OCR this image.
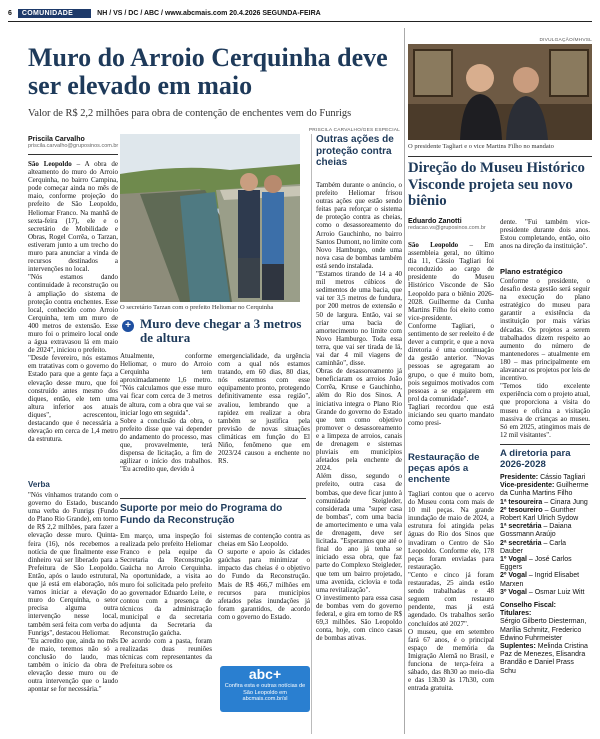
6	COMUNIDADE	NH / VS / DC / ABC / www.abcmais.com 20.4.2026 SEGUNDA-FEIRA
Muro do Arroio Cerquinha deve ser elevado em maio
Valor de R$ 2,2 milhões para obra de contenção de enchentes vem do Funrigs
Priscila Carvalho
priscila.carvalho@gruposinos.com.br
São Leopoldo – A obra de alteamento do muro do Arroio Cerquinha, no bairro Campina, pode começar ainda no mês de maio, conforme projeção do prefeito de São Leopoldo, Heliomar Franco. Na manhã de sexta-feira (17), ele e o secretário de Mobilidade e Obras, Rogel Corrêa, o Tarzan, estiveram junto a um trecho do muro para anunciar a vinda de recursos destinados a intervenções no local.
"Nós estamos dando continuidade à reconstrução ou à ampliação do sistema de proteção contra enchentes. Esse local, conhecido como Arroio Cerquinha, tem um muro de 400 metros de extensão. Esse muro foi o primeiro local onde a água extravasou lá em maio de 2024", iniciou o prefeito.
"Desde fevereiro, nós estamos em tratativas com o governo do Estado para que a gente faça a elevação desse muro, que foi construído antes mesmo dos diques, então, ele tem uma altura inferior aos atuais diques", acrescentou, destacando que é necessária a elevação em cerca de 1,4 metro da estrutura.
Verba
"Nós vínhamos tratando com o governo do Estado, buscando uma verba do Funrigs (Fundo do Plano Rio Grande), em torno de R$ 2,2 milhões, para fazer a elevação desse muro. Quinta-feira (16), nós recebemos a notícia de que finalmente esse dinheiro vai ser liberado para a Prefeitura de São Leopoldo. Então, após o laudo estrutural, que já está em elaboração, nós vamos iniciar a elevação do muro do Cerquinha, o setor precisa alguma outra intervenção nesse local, também será feita com verba do Funrigs", destacou Heliomar.
"Eu acredito que, ainda no mês de maio, teremos não só a conclusão do laudo, mas também o início da obra de elevação desse muro ou de outra intervenção que o laudo apontar se for necessária."
PRISCILA CARVALHO/GES ESPECIAL
O secretário Tarzan com o prefeito Heliomar no Cerquinha
+ Muro deve chegar a 3 metros de altura
Atualmente, conforme Heliomar, o muro do Arroio Cerquinha tem aproximadamente 1,6 metro. "Nós calculamos que esse muro vai ficar com cerca de 3 metros de altura, com a obra que vai se iniciar logo em seguida".
Sobre a conclusão da obra, o prefeito disse que vai depender do andamento do processo, mas que, provavelmente, terá dispensa de licitação, a fim de agilizar o início dos trabalhos. "Eu acredito que, devido à
emergencialidade, da urgência com a qual nós estamos tratando, em 60 dias, 80 dias, nós estaremos com esse equipamento pronto, protegendo definitivamente essa região", avaliou, lembrando que a rapidez em realizar a obra também se justifica pela previsão de novas situações climáticas em função do El Niño, fenômeno que em 2023/24 causou a enchente no RS.
Suporte por meio do Programa do Fundo da Reconstrução
Em março, uma inspeção foi realizada pelo prefeito Heliomar Franco e pela equipe da Secretaria da Reconstrução Gaúcha no Arroio Cerquinha. Na oportunidade, a visita ao muro foi solicitada pelo prefeito ao governador Eduardo Leite, e contou com a presença de técnicos da administração municipal e da secretaria adjunta da Secretaria da Reconstrução gaúcha.
De acordo com a pasta, foram realizadas duas reuniões técnicas com representantes da Prefeitura sobre os
sistemas de contenção contra as cheias em São Leopoldo.
O suporte e apoio às cidades gaúchas para minimizar o impacto das cheias é o objetivo do Fundo da Reconstrução. Mais de R$ 466,7 milhões em recursos para municípios afetados pelas inundações já foram garantidos, de acordo com o governo do Estado.
abc+
Confira esta e outras notícias de São Leopoldo em abcmais.com.br/sl
Outras ações de proteção contra cheias
Também durante o anúncio, o prefeito Heliomar frisou outras ações que estão sendo feitas para reforçar o sistema de proteção contra as cheias, como o desassoreamento do Arroio Gauchinho, no bairro Santos Dumont, no limite com Novo Hamburgo, onde uma nova casa de bombas também está sendo instalada.
"Estamos tirando de 14 a 40 mil metros cúbicos de sedimentos de uma bacia, que vai ter 3,5 metros de fundura, por 200 metros de extensão e 50 de largura. Então, vai se criar uma bacia de amortecimento no limite com Novo Hamburgo. Toda essa terra, que vai ser tirada de lá, vai dar 4 mil viagens de caminhão", disse.
Obras de desassoreamento já beneficiaram os arroios João Corrêa, Kruse e Gauchinho, além do Rio dos Sinos. A iniciativa integra o Plano Rio Grande do governo do Estado que tem como objetivo promover o desassoreamento e a limpeza de arroios, canais de drenagem e sistemas pluviais em municípios afetados pela enchente de 2024.
Além disso, segundo o prefeito, outra casa de bombas, que deve ficar junto à comunidade Steigleder, considerada uma "super casa de bombas", com uma bacia de amortecimento e uma vala de drenagem, deve ser licitada. "Esperamos que até o final do ano já tenha se iniciado essa obra, que faz parte do Complexo Steigleder, que tem um bairro projetado, uma avenida, ciclovia e toda uma revitalização".
O investimento para essa casa de bombas vem do governo federal, e gira em torno de R$ 69,3 milhões. São Leopoldo conta, hoje, com cinco casas de bombas ativas.
DIVULGAÇÃO/MHVSL
O presidente Tagliari e o vice Martins Filho no mandato
Direção do Museu Histórico Visconde projeta seu novo biênio
Eduardo Zanotti
redacao.vs@gruposinos.com.br
São Leopoldo – Em assembleia geral, no último dia 11, Cássio Tagliari foi reconduzido ao cargo de presidente do Museu Histórico Visconde de São Leopoldo para o biênio 2026-2028. Guilherme da Cunha Martins Filho foi eleito como vice-presidente.
Conforme Tagliari, o sentimento de ser reeleito é de dever a cumprir, e que a nova diretoria é uma continuação da gestão anterior. "Novas pessoas se agregaram ao grupo, o que é muito bom, pois seguimos motivados com pessoas a se engajarem em prol da comunidade".
Tagliari recordou que está iniciando seu quarto mandato como presi-
Restauração de peças após a enchente
Tagliari contou que o acervo do Museu conta com mais de 10 mil peças. Na grande inundação de maio de 2024, a estrutura foi atingida pelas águas do Rio dos Sinos que invadiram o Centro de São Leopoldo. Conforme ele, 178 peças foram enviadas para restauração.
"Cento e cinco já foram restauradas, 25 ainda estão sendo trabalhadas e 48 seguem com restauro pendente, mas já está agendado. Os trabalhos serão concluídos até 2027".
O museu, que em setembro fará 67 anos, é o principal espaço de memória da Imigração Alemã no Brasil, e funciona de terça-feira a sábado, das 8h30 ao meio-dia e das 13h30 às 17h30, com entrada gratuita.
dente. "Fui também vice-presidente durante dois anos. Estou completando, então, oito anos na direção da instituição".
Plano estratégico
Conforme o presidente, o desafio desta gestão será seguir na execução do plano estratégico do museu para garantir a existência da instituição por mais várias décadas. Os projetos a serem trabalhados dizem respeito ao aumento do número de mantenedores – atualmente em 180 – mas principalmente em alavancar os projetos por leis de incentivo.
"Temos tido excelente experiência com o projeto atual, que proporciona a visita do museu e oficina a visitação massiva de crianças ao museu. Só em 2025, atingimos mais de 12 mil visitantes".
A diretoria para 2026-2028
Presidente: Cássio Tagliari
Vice-presidente: Guilherme da Cunha Martins Filho
1ª tesoureira – Cinara Jung
2º tesoureiro – Gunther Robert Karl Ulrich Sydow
1ª secretária – Daiana Gossmann Araújo
2ª secretária – Carla Dauber
1º Vogal – José Carlos Eggers
2º Vogal – Ingrid Elisabet Marxen
3º Vogal – Osmar Luiz Witt
Conselho Fiscal:
Titulares:
Sérgio Gilberto Diesterman, Marília Schmitz, Frederico Edwino Fuhrmeister
Suplentes: Melinda Cristina Paz de Menezes, Elisandra Brandão e Daniel Prass Schu
